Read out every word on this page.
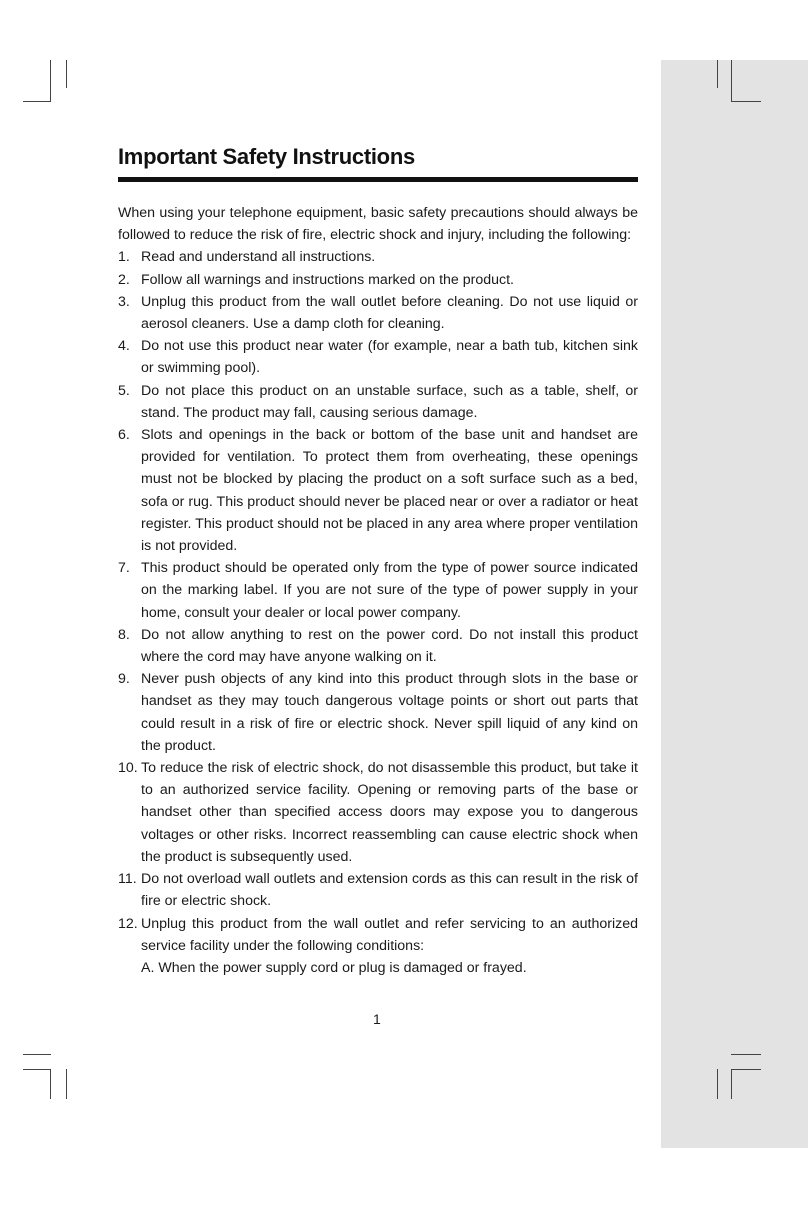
Important Safety Instructions

When using your telephone equipment, basic safety precautions should always be followed to reduce the risk of fire, electric shock and injury, including the following:

1. Read and understand all instructions.
2. Follow all warnings and instructions marked on the product.
3. Unplug this product from the wall outlet before cleaning. Do not use liquid or aerosol cleaners. Use a damp cloth for cleaning.
4. Do not use this product near water (for example, near a bath tub, kitchen sink or swimming pool).
5. Do not place this product on an unstable surface, such as a table, shelf, or stand. The product may fall, causing serious damage.
6. Slots and openings in the back or bottom of the base unit and handset are provided for ventilation. To protect them from overheating, these openings must not be blocked by placing the product on a soft surface such as a bed, sofa or rug. This product should never be placed near or over a radiator or heat register. This product should not be placed in any area where proper ventilation is not provided.
7. This product should be operated only from the type of power source indicated on the marking label. If you are not sure of the type of power supply in your home, consult your dealer or local power company.
8. Do not allow anything to rest on the power cord. Do not install this product where the cord may have anyone walking on it.
9. Never push objects of any kind into this product through slots in the base or handset as they may touch dangerous voltage points or short out parts that could result in a risk of fire or electric shock. Never spill liquid of any kind on the product.
10. To reduce the risk of electric shock, do not disassemble this product, but take it to an authorized service facility. Opening or removing parts of the base or handset other than specified access doors may expose you to dangerous voltages or other risks. Incorrect reassembling can cause electric shock when the product is subsequently used.
11. Do not overload wall outlets and extension cords as this can result in the risk of fire or electric shock.
12. Unplug this product from the wall outlet and refer servicing to an authorized service facility under the following conditions:
A. When the power supply cord or plug is damaged or frayed.
1
